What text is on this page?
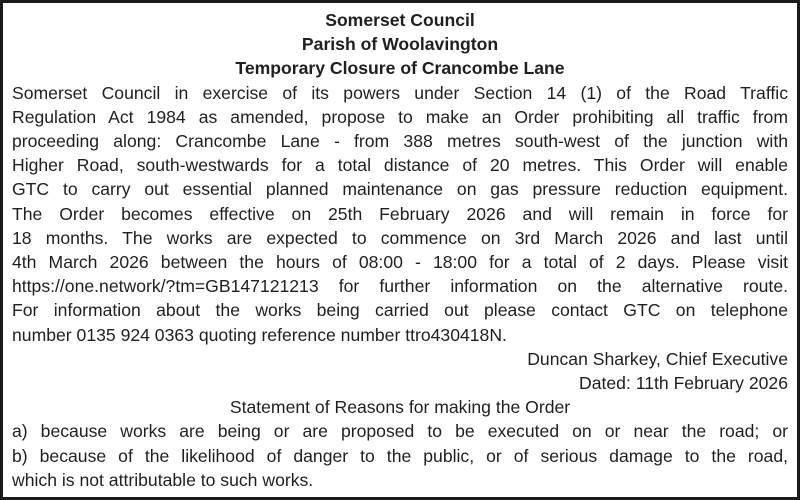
Somerset Council
Parish of Woolavington
Temporary Closure of Crancombe Lane
Somerset Council in exercise of its powers under Section 14 (1) of the Road Traffic
Regulation Act 1984 as amended, propose to make an Order prohibiting all traffic from
proceeding along: Crancombe Lane - from 388 metres south-west of the junction with
Higher Road, south-westwards for a total distance of 20 metres. This Order will enable
GTC to carry out essential planned maintenance on gas pressure reduction equipment.
The Order becomes effective on 25th February 2026 and will remain in force for
18 months. The works are expected to commence on 3rd March 2026 and last until
4th March 2026 between the hours of 08:00 - 18:00 for a total of 2 days. Please visit
https://one.network/?tm=GB147121213 for further information on the alternative route.
For information about the works being carried out please contact GTC on telephone
number 0135 924 0363 quoting reference number ttro430418N.
Duncan Sharkey, Chief Executive
Dated: 11th February 2026
Statement of Reasons for making the Order
a) because works are being or are proposed to be executed on or near the road; or
b) because of the likelihood of danger to the public, or of serious damage to the road,
which is not attributable to such works.
